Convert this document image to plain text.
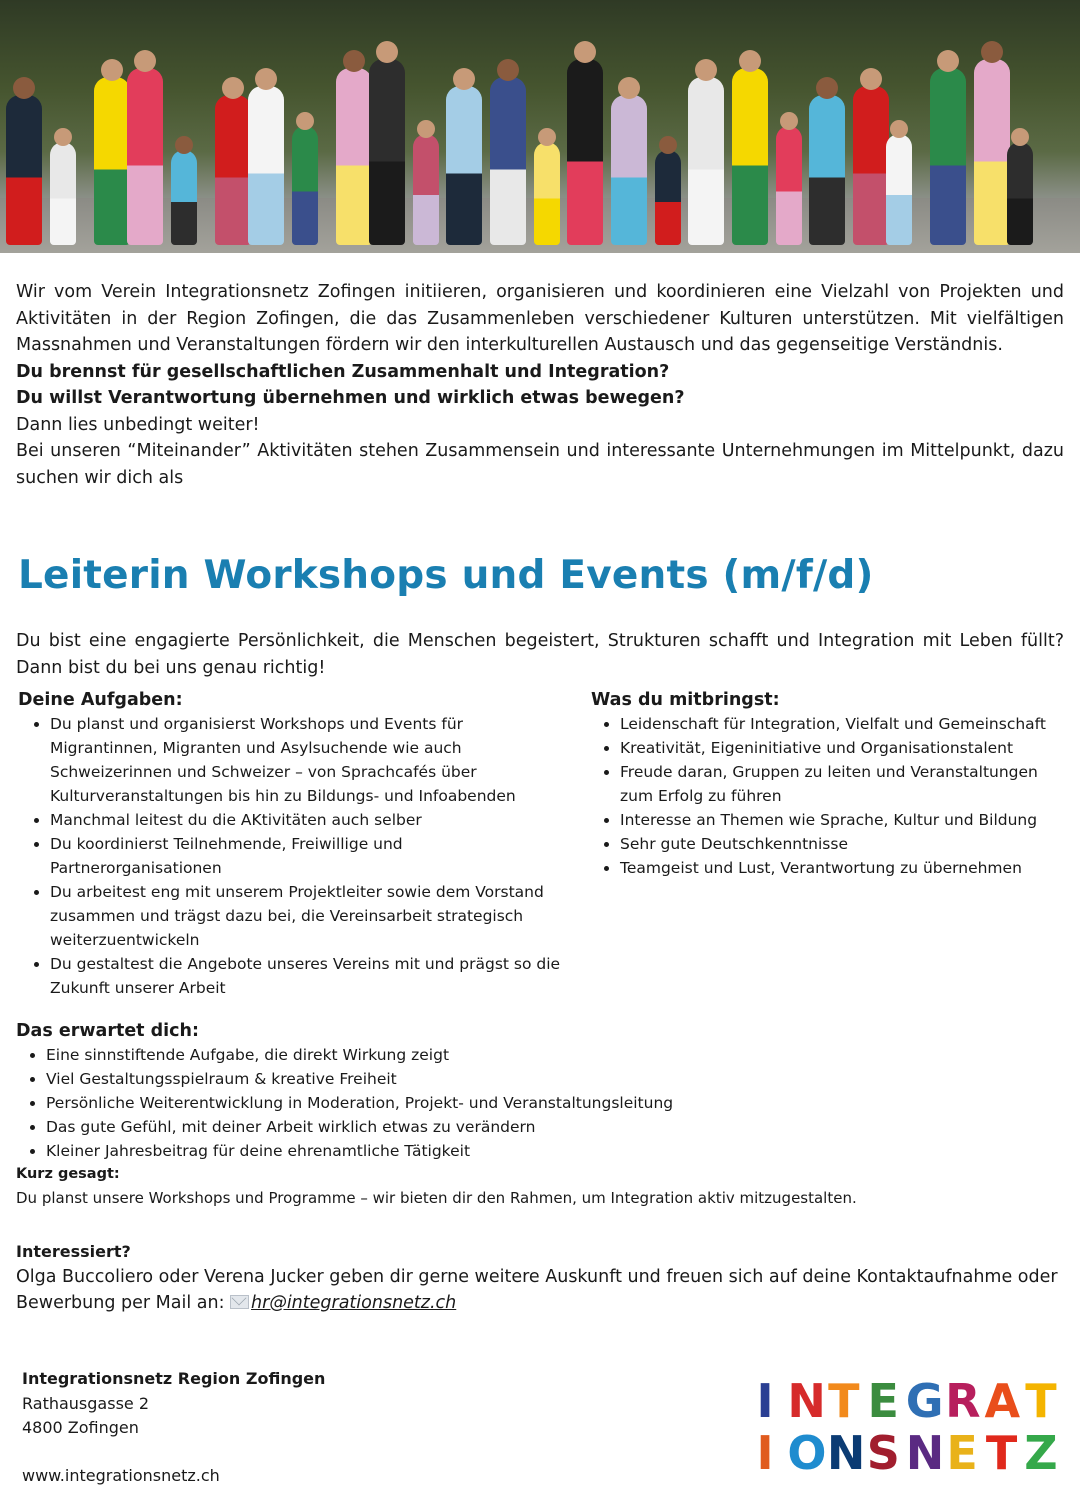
Wir vom Verein Integrationsnetz Zofingen initiieren, organisieren und koordinieren eine Vielzahl von Projekten und Aktivitäten in der Region Zofingen, die das Zusammenleben verschiedener Kulturen unterstützen. Mit vielfältigen Massnahmen und Veranstaltungen fördern wir den interkulturellen Austausch und das gegenseitige Verständnis.

Du brennst für gesellschaftlichen Zusammenhalt und Integration?

Du willst Verantwortung übernehmen und wirklich etwas bewegen?

Dann lies unbedingt weiter!

Bei unseren “Miteinander” Aktivitäten stehen Zusammensein und interessante Unternehmungen im Mittelpunkt, dazu suchen wir dich als

Leiterin Workshops und Events (m/f/d)

Du bist eine engagierte Persönlichkeit, die Menschen begeistert, Strukturen schafft und Integration mit Leben füllt? Dann bist du bei uns genau richtig!

Deine Aufgaben:
• Du planst und organisierst Workshops und Events für Migrantinnen, Migranten und Asylsuchende wie auch Schweizerinnen und Schweizer – von Sprachcafés über Kulturveranstaltungen bis hin zu Bildungs- und Infoabenden
• Manchmal leitest du die AKtivitäten auch selber
• Du koordinierst Teilnehmende, Freiwillige und Partnerorganisationen
• Du arbeitest eng mit unserem Projektleiter sowie dem Vorstand zusammen und trägst dazu bei, die Vereinsarbeit strategisch weiterzuentwickeln
• Du gestaltest die Angebote unseres Vereins mit und prägst so die Zukunft unserer Arbeit
Was du mitbringst:
• Leidenschaft für Integration, Vielfalt und Gemeinschaft
• Kreativität, Eigeninitiative und Organisationstalent
• Freude daran, Gruppen zu leiten und Veranstaltungen zum Erfolg zu führen
• Interesse an Themen wie Sprache, Kultur und Bildung
• Sehr gute Deutschkenntnisse
• Teamgeist und Lust, Verantwortung zu übernehmen
Das erwartet dich:
• Eine sinnstiftende Aufgabe, die direkt Wirkung zeigt
• Viel Gestaltungsspielraum & kreative Freiheit
• Persönliche Weiterentwicklung in Moderation, Projekt- und Veranstaltungsleitung
• Das gute Gefühl, mit deiner Arbeit wirklich etwas zu verändern
• Kleiner Jahresbeitrag für deine ehrenamtliche Tätigkeit

Kurz gesagt:

Du planst unsere Workshops und Programme – wir bieten dir den Rahmen, um Integration aktiv mitzugestalten.

Interessiert?

Olga Buccoliero oder Verena Jucker geben dir gerne weitere Auskunft und freuen sich auf deine Kontaktaufnahme oder Bewerbung per Mail an: hr@integrationsnetz.ch

Integrationsnetz Region Zofingen
Rathausgasse 2
4800 Zofingen
www.integrationsnetz.ch
I N T E G R A T
I O N S N E T Z
